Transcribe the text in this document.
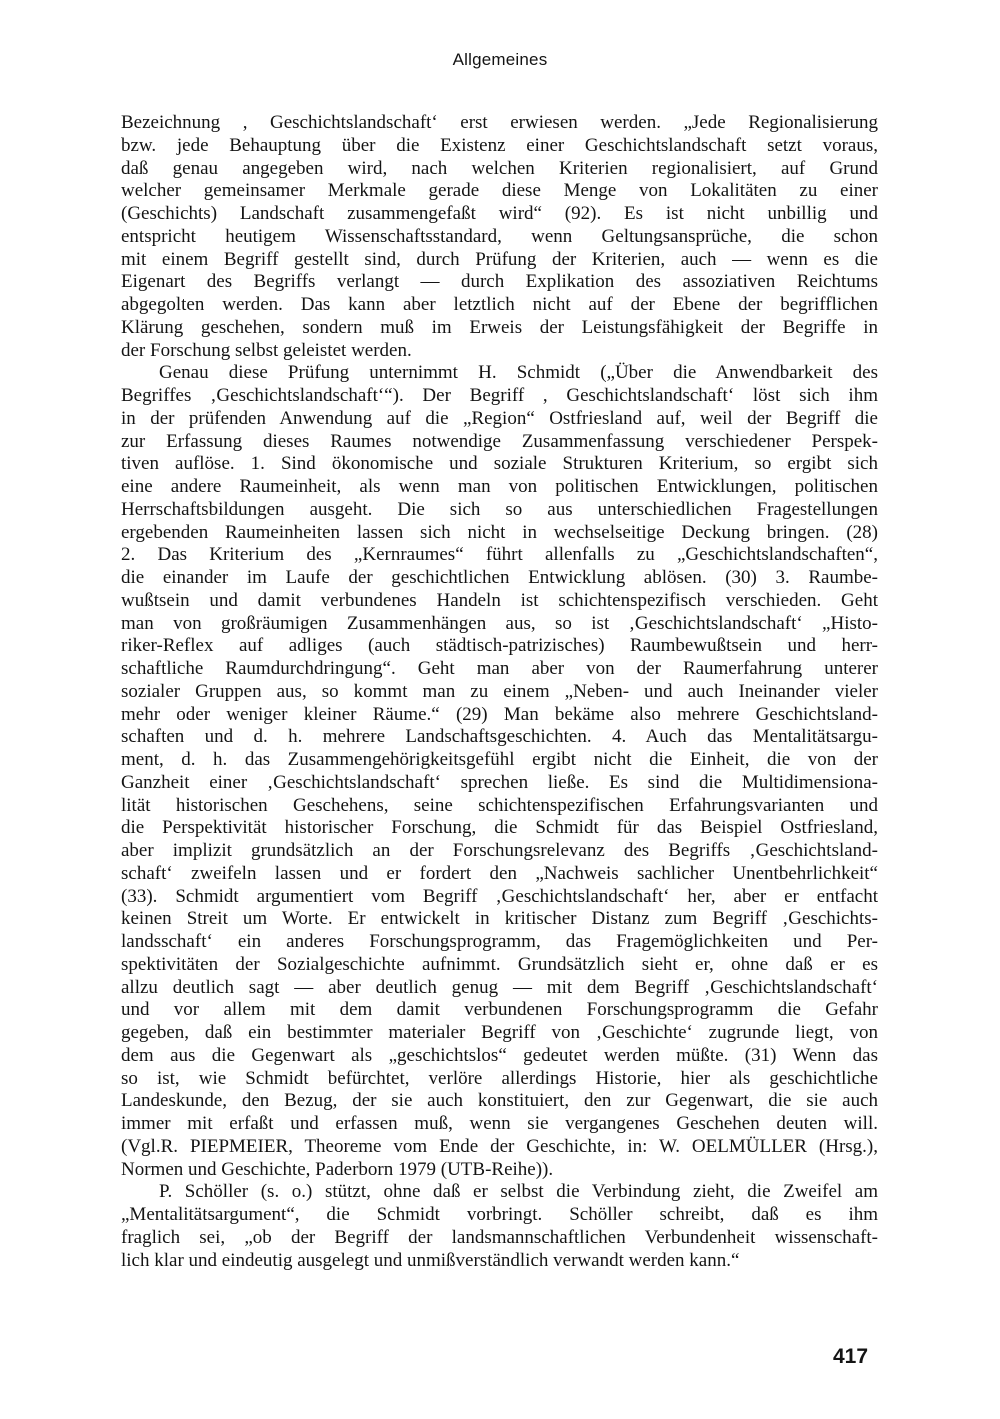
Allgemeines
Bezeichnung , Geschichtslandschaft‘ erst erwiesen werden. „Jede Regionalisierung
bzw. jede Behauptung über die Existenz einer Geschichtslandschaft setzt voraus,
daß genau angegeben wird, nach welchen Kriterien regionalisiert, auf Grund
welcher gemeinsamer Merkmale gerade diese Menge von Lokalitäten zu einer
(Geschichts) Landschaft zusammengefaßt wird“ (92). Es ist nicht unbillig und
entspricht heutigem Wissenschaftsstandard, wenn Geltungsansprüche, die schon
mit einem Begriff gestellt sind, durch Prüfung der Kriterien, auch — wenn es die
Eigenart des Begriffs verlangt — durch Explikation des assoziativen Reichtums
abgegolten werden. Das kann aber letztlich nicht auf der Ebene der begrifflichen
Klärung geschehen, sondern muß im Erweis der Leistungsfähigkeit der Begriffe in
der Forschung selbst geleistet werden.
Genau diese Prüfung unternimmt H. Schmidt („Über die Anwendbarkeit des
Begriffes ‚Geschichtslandschaft‘“). Der Begriff , Geschichtslandschaft‘ löst sich ihm
in der prüfenden Anwendung auf die „Region“ Ostfriesland auf, weil der Begriff die
zur Erfassung dieses Raumes notwendige Zusammenfassung verschiedener Perspek-
tiven auflöse. 1. Sind ökonomische und soziale Strukturen Kriterium, so ergibt sich
eine andere Raumeinheit, als wenn man von politischen Entwicklungen, politischen
Herrschaftsbildungen ausgeht. Die sich so aus unterschiedlichen Fragestellungen
ergebenden Raumeinheiten lassen sich nicht in wechselseitige Deckung bringen. (28)
2. Das Kriterium des „Kernraumes“ führt allenfalls zu „Geschichtslandschaften“,
die einander im Laufe der geschichtlichen Entwicklung ablösen. (30) 3. Raumbe-
wußtsein und damit verbundenes Handeln ist schichtenspezifisch verschieden. Geht
man von großräumigen Zusammenhängen aus, so ist ‚Geschichtslandschaft‘ „Histo-
riker-Reflex auf adliges (auch städtisch-patrizisches) Raumbewußtsein und herr-
schaftliche Raumdurchdringung“. Geht man aber von der Raumerfahrung unterer
sozialer Gruppen aus, so kommt man zu einem „Neben- und auch Ineinander vieler
mehr oder weniger kleiner Räume.“ (29) Man bekäme also mehrere Geschichtsland-
schaften und d. h. mehrere Landschaftsgeschichten. 4. Auch das Mentalitätsargu-
ment, d. h. das Zusammengehörigkeitsgefühl ergibt nicht die Einheit, die von der
Ganzheit einer ‚Geschichtslandschaft‘ sprechen ließe. Es sind die Multidimensiona-
lität historischen Geschehens, seine schichtenspezifischen Erfahrungsvarianten und
die Perspektivität historischer Forschung, die Schmidt für das Beispiel Ostfriesland,
aber implizit grundsätzlich an der Forschungsrelevanz des Begriffs ‚Geschichtsland-
schaft‘ zweifeln lassen und er fordert den „Nachweis sachlicher Unentbehrlichkeit“
(33). Schmidt argumentiert vom Begriff ‚Geschichtslandschaft‘ her, aber er entfacht
keinen Streit um Worte. Er entwickelt in kritischer Distanz zum Begriff ‚Geschichts-
landsschaft‘ ein anderes Forschungsprogramm, das Fragemöglichkeiten und Per-
spektivitäten der Sozialgeschichte aufnimmt. Grundsätzlich sieht er, ohne daß er es
allzu deutlich sagt — aber deutlich genug — mit dem Begriff ‚Geschichtslandschaft‘
und vor allem mit dem damit verbundenen Forschungsprogramm die Gefahr
gegeben, daß ein bestimmter materialer Begriff von ‚Geschichte‘ zugrunde liegt, von
dem aus die Gegenwart als „geschichtslos“ gedeutet werden müßte. (31) Wenn das
so ist, wie Schmidt befürchtet, verlöre allerdings Historie, hier als geschichtliche
Landeskunde, den Bezug, der sie auch konstituiert, den zur Gegenwart, die sie auch
immer mit erfaßt und erfassen muß, wenn sie vergangenes Geschehen deuten will.
(Vgl.R. PIEPMEIER, Theoreme vom Ende der Geschichte, in: W. OELMÜLLER (Hrsg.),
Normen und Geschichte, Paderborn 1979 (UTB-Reihe)).
P. Schöller (s. o.) stützt, ohne daß er selbst die Verbindung zieht, die Zweifel am
„Mentalitätsargument“, die Schmidt vorbringt. Schöller schreibt, daß es ihm
fraglich sei, „ob der Begriff der landsmannschaftlichen Verbundenheit wissenschaft-
lich klar und eindeutig ausgelegt und unmißverständlich verwandt werden kann.“
417
